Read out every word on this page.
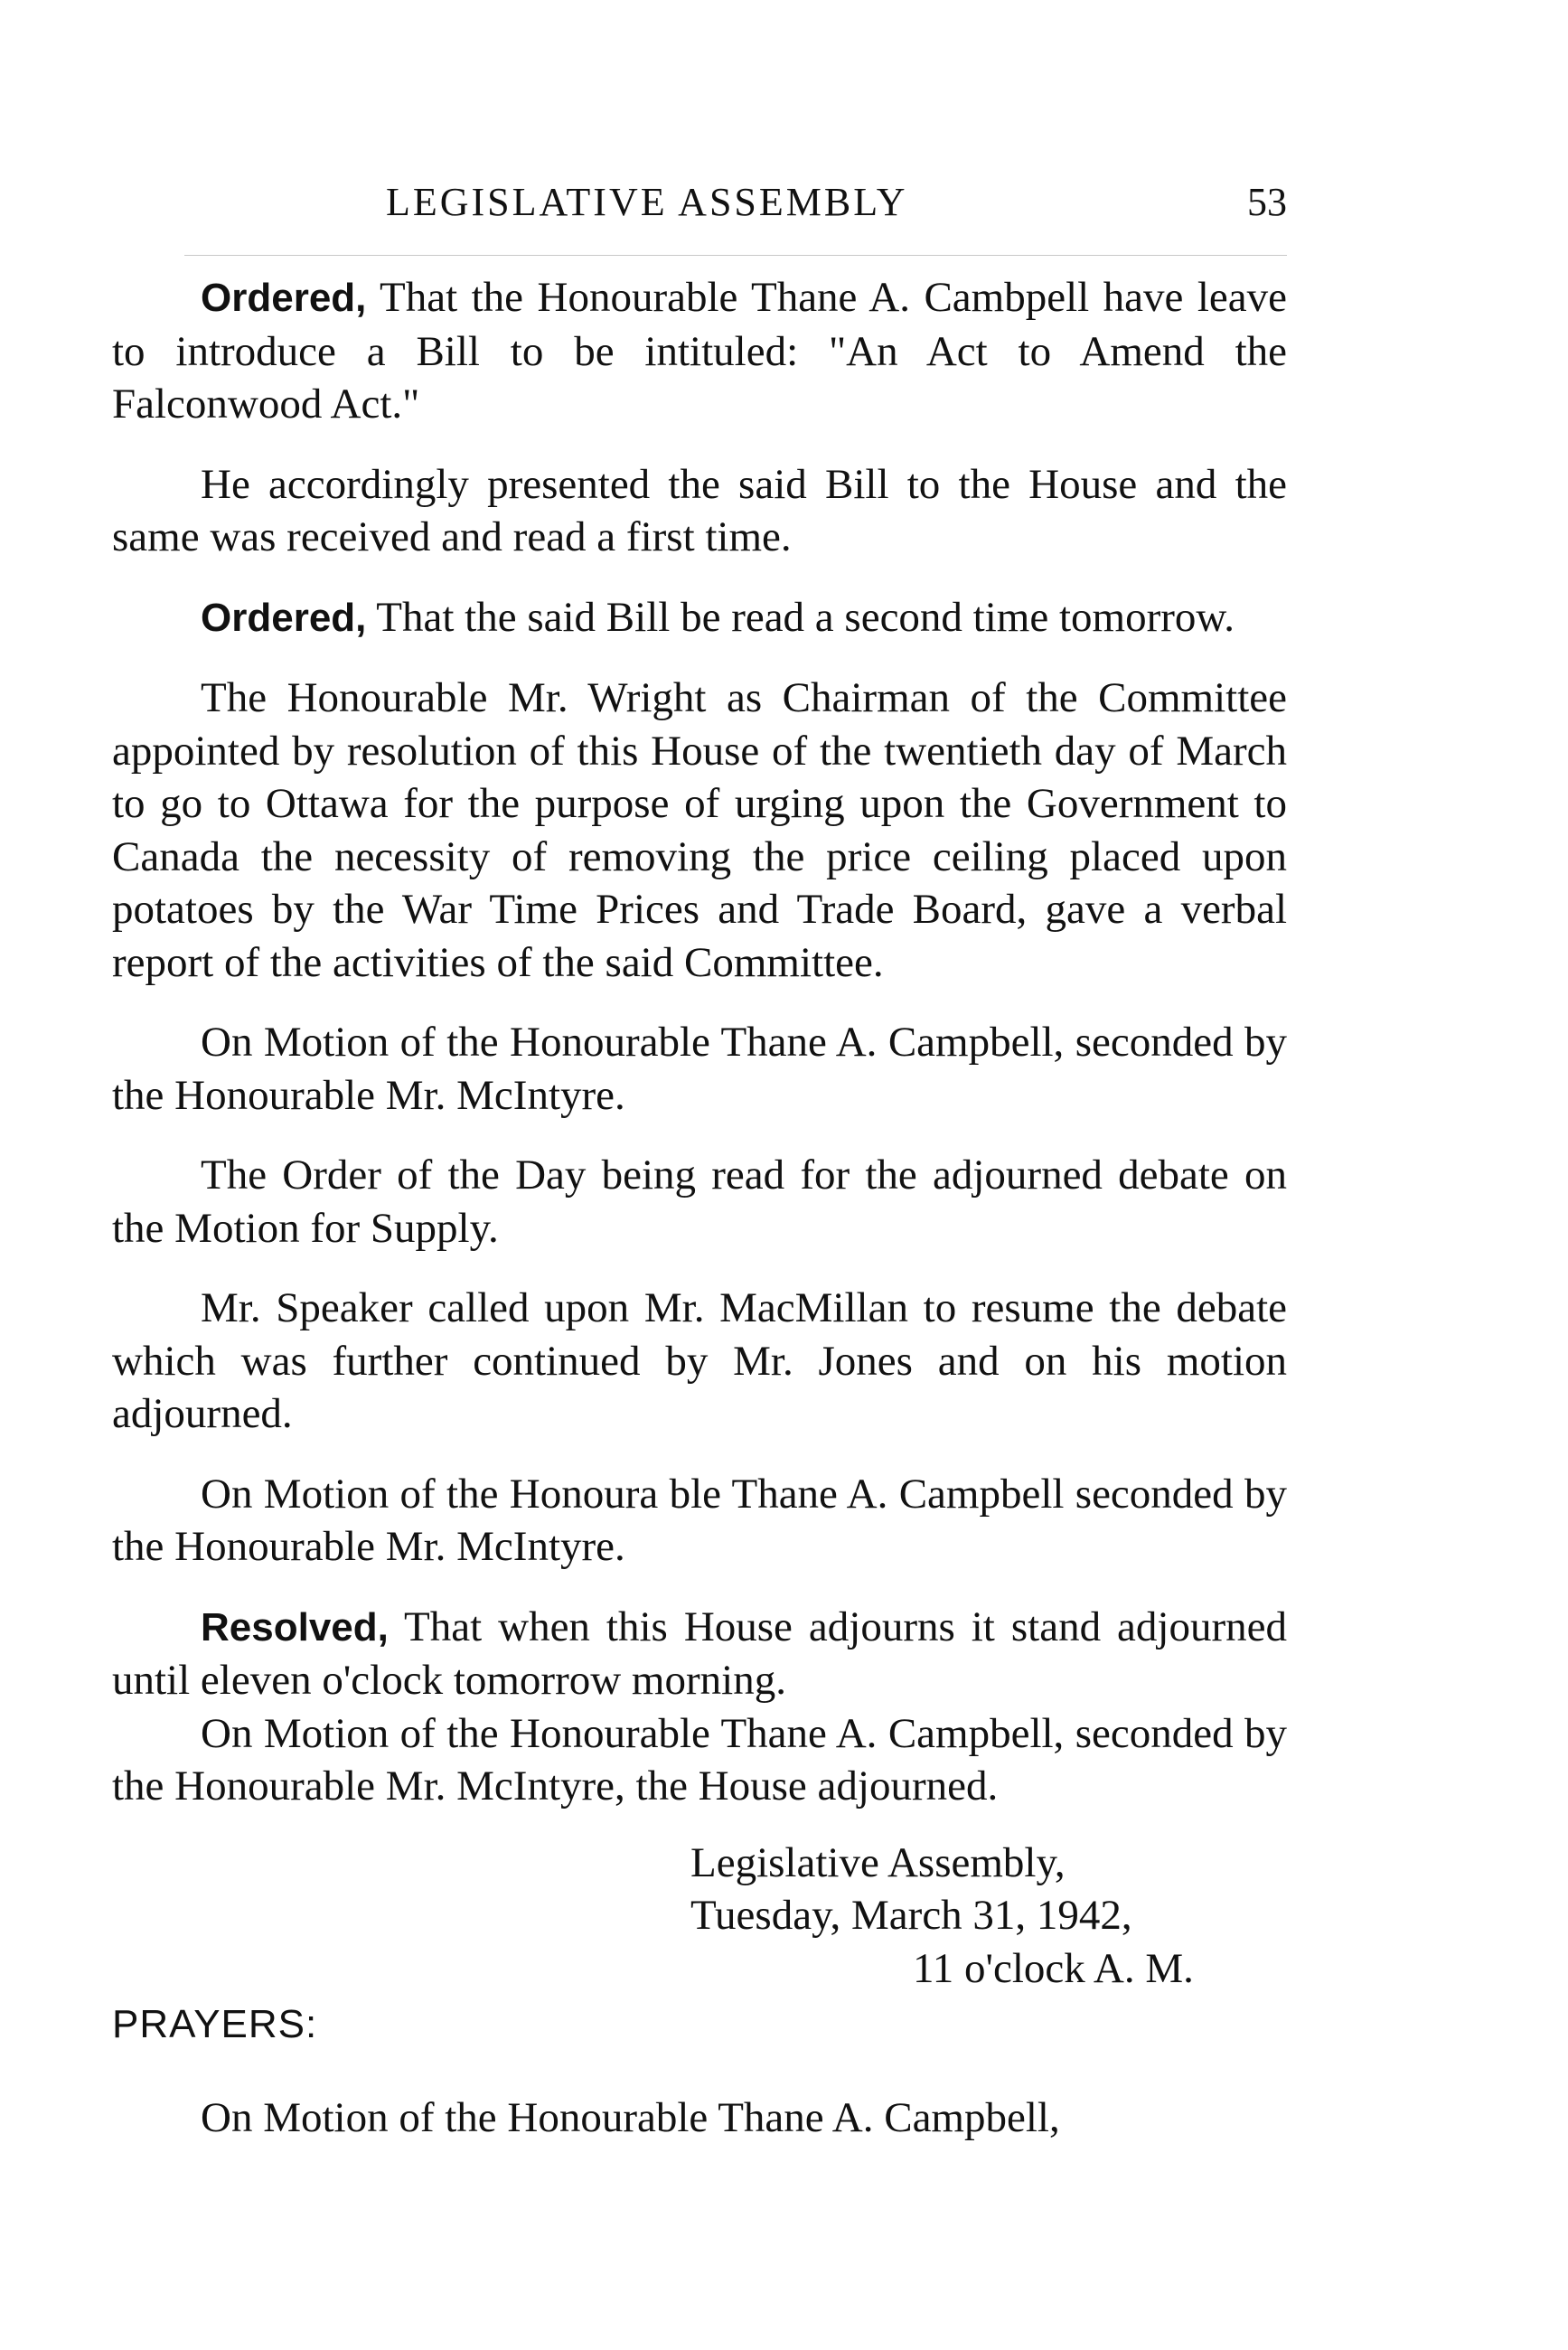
LEGISLATIVE ASSEMBLY	53

Ordered, That the Honourable Thane A. Cambpell have leave to introduce a Bill to be intituled: "An Act to Amend the Falconwood Act."

He accordingly presented the said Bill to the House and the same was received and read a first time.

Ordered, That the said Bill be read a second time tomorrow.

The Honourable Mr. Wright as Chairman of the Committee appointed by resolution of this House of the twentieth day of March to go to Ottawa for the purpose of urging upon the Government to Canada the necessity of removing the price ceiling placed upon potatoes by the War Time Prices and Trade Board, gave a verbal report of the activities of the said Committee.

On Motion of the Honourable Thane A. Campbell, seconded by the Honourable Mr. McIntyre.

The Order of the Day being read for the adjourned debate on the Motion for Supply.

Mr. Speaker called upon Mr. MacMillan to resume the debate which was further continued by Mr. Jones and on his motion adjourned.

On Motion of the Honoura ble Thane A. Campbell seconded by the Honourable Mr. McIntyre.

Resolved, That when this House adjourns it stand adjourned until eleven o'clock tomorrow morning.

On Motion of the Honourable Thane A. Campbell, seconded by the Honourable Mr. McIntyre, the House adjourned.

Legislative Assembly,
Tuesday, March 31, 1942,
11 o'clock A. M.
PRAYERS:

On Motion of the Honourable Thane A. Campbell,
